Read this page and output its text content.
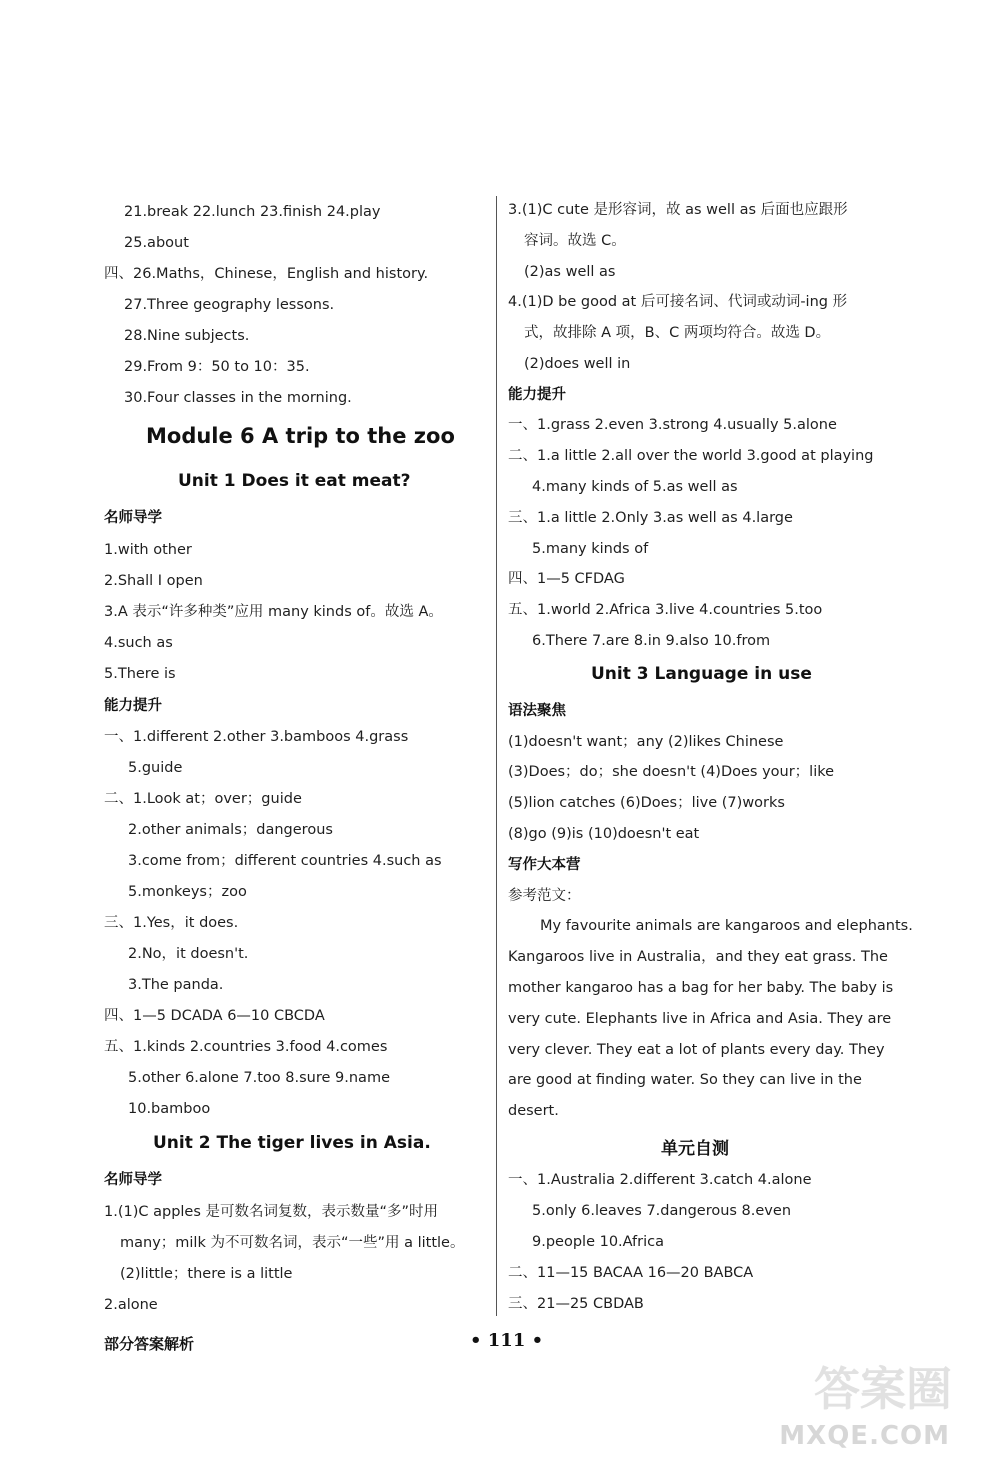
21.break 22.lunch 23.finish 24.play
25.about
四、26.Maths，Chinese，English and history.
27.Three geography lessons.
28.Nine subjects.
29.From 9：50 to 10：35.
30.Four classes in the morning.
Module 6 A trip to the zoo
Unit 1 Does it eat meat?
名师导学
1.with other
2.Shall I open
3.A 表示“许多种类”应用 many kinds of。故选 A。
4.such as
5.There is
能力提升
一、1.different 2.other 3.bamboos 4.grass
5.guide
二、1.Look at；over；guide
2.other animals；dangerous
3.come from；different countries 4.such as
5.monkeys；zoo
三、1.Yes，it does.
2.No，it doesn't.
3.The panda.
四、1—5 DCADA 6—10 CBCDA
五、1.kinds 2.countries 3.food 4.comes
5.other 6.alone 7.too 8.sure 9.name
10.bamboo
Unit 2 The tiger lives in Asia.
名师导学
1.(1)C apples 是可数名词复数，表示数量“多”时用
many；milk 为不可数名词，表示“一些”用 a little。
(2)little；there is a little
2.alone
3.(1)C cute 是形容词，故 as well as 后面也应跟形
容词。故选 C。
(2)as well as
4.(1)D be good at 后可接名词、代词或动词-ing 形
式，故排除 A 项，B、C 两项均符合。故选 D。
(2)does well in
能力提升
一、1.grass 2.even 3.strong 4.usually 5.alone
二、1.a little 2.all over the world 3.good at playing
4.many kinds of 5.as well as
三、1.a little 2.Only 3.as well as 4.large
5.many kinds of
四、1—5 CFDAG
五、1.world 2.Africa 3.live 4.countries 5.too
6.There 7.are 8.in 9.also 10.from
Unit 3 Language in use
语法聚焦
(1)doesn't want；any (2)likes Chinese
(3)Does；do；she doesn't (4)Does your；like
(5)lion catches (6)Does；live (7)works
(8)go (9)is (10)doesn't eat
写作大本营
参考范文：
My favourite animals are kangaroos and elephants.
Kangaroos live in Australia，and they eat grass. The
mother kangaroo has a bag for her baby. The baby is
very cute. Elephants live in Africa and Asia. They are
very clever. They eat a lot of plants every day. They
are good at finding water. So they can live in the
desert.
单元自测
一、1.Australia 2.different 3.catch 4.alone
5.only 6.leaves 7.dangerous 8.even
9.people 10.Africa
二、11—15 BACAA 16—20 BABCA
三、21—25 CBDAB
部分答案解析	• 111 •
答案圈
MXQE.COM
